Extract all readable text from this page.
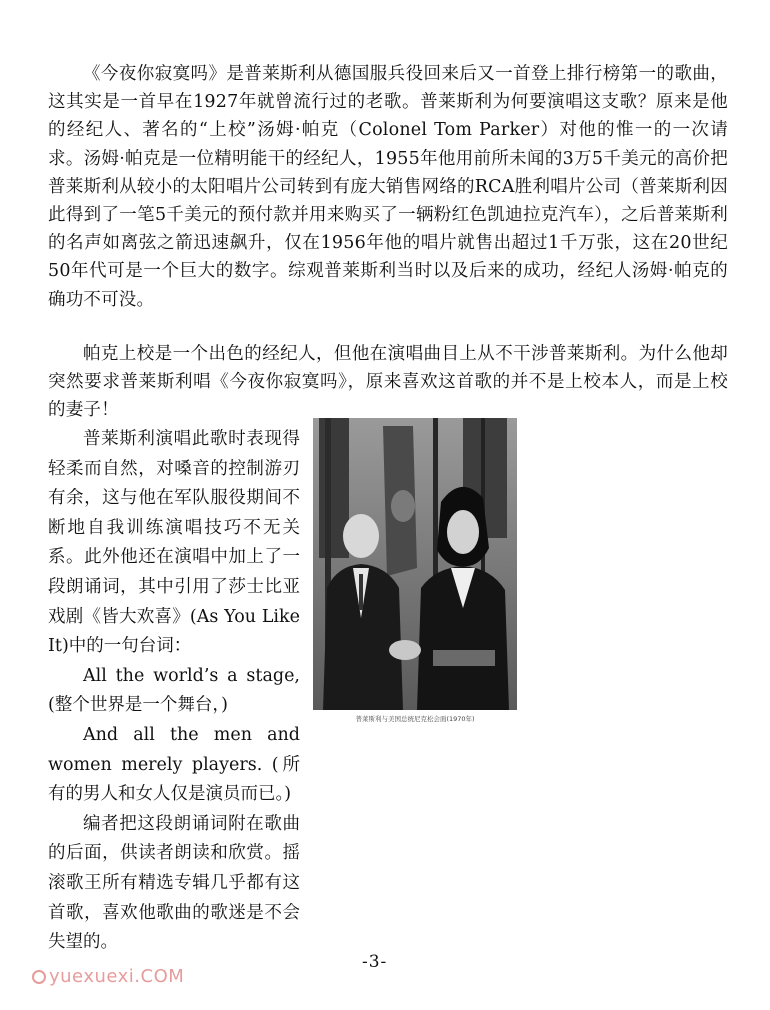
《今夜你寂寞吗》是普莱斯利从德国服兵役回来后又一首登上排行榜第一的歌曲，这其实是一首早在1927年就曾流行过的老歌。普莱斯利为何要演唱这支歌？原来是他的经纪人、著名的“上校”汤姆·帕克（Colonel Tom Parker）对他的惟一的一次请求。汤姆·帕克是一位精明能干的经纪人，1955年他用前所未闻的3万5千美元的高价把普莱斯利从较小的太阳唱片公司转到有庞大销售网络的RCA胜利唱片公司（普莱斯利因此得到了一笔5千美元的预付款并用来购买了一辆粉红色凯迪拉克汽车），之后普莱斯利的名声如离弦之箭迅速飙升，仅在1956年他的唱片就售出超过1千万张，这在20世纪50年代可是一个巨大的数字。综观普莱斯利当时以及后来的成功，经纪人汤姆·帕克的确功不可没。

帕克上校是一个出色的经纪人，但他在演唱曲目上从不干涉普莱斯利。为什么他却突然要求普莱斯利唱《今夜你寂寞吗》，原来喜欢这首歌的并不是上校本人，而是上校的妻子！

普莱斯利演唱此歌时表现得轻柔而自然，对嗓音的控制游刃有余，这与他在军队服役期间不断地自我训练演唱技巧不无关系。此外他还在演唱中加上了一段朗诵词，其中引用了莎士比亚戏剧《皆大欢喜》(As You Like It)中的一句台词：

All the world’s a stage, (整个世界是一个舞台，)

And all the men and women merely players. (所有的男人和女人仅是演员而已。)

编者把这段朗诵词附在歌曲的后面，供读者朗读和欣赏。摇滚歌王所有精选专辑几乎都有这首歌，喜欢他歌曲的歌迷是不会失望的。

普莱斯利与美国总统尼克松会面(1970年)
-3-
yuexuexi.COM
